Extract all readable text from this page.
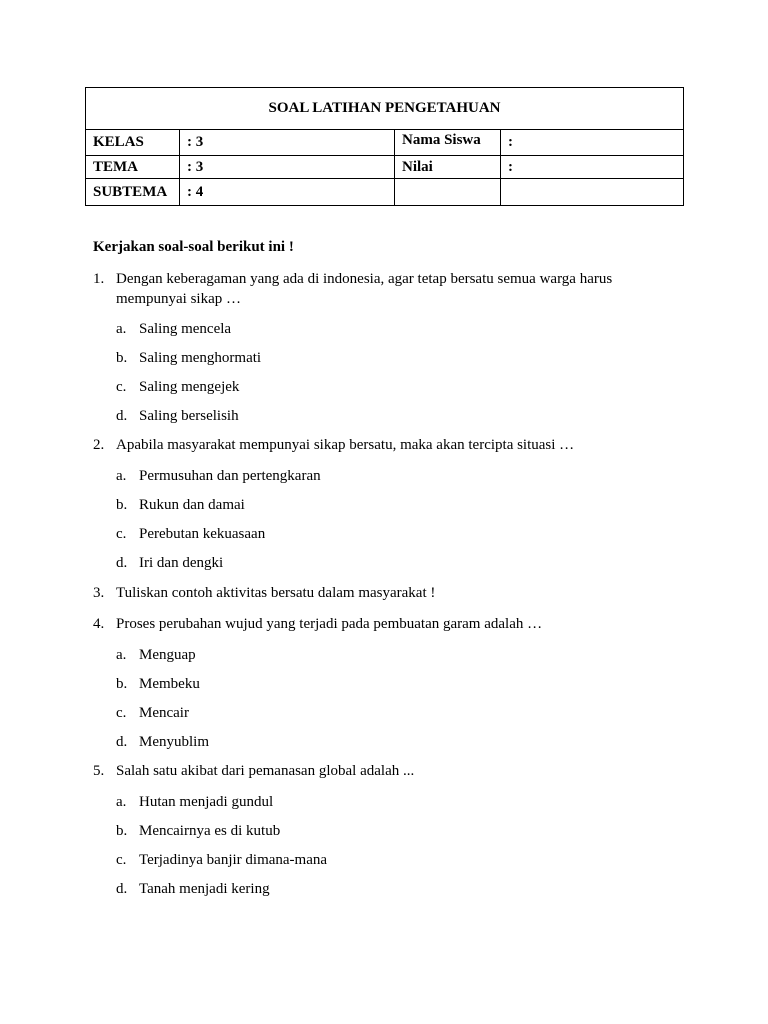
SOAL LATIHAN PENGETAHUAN			
KELAS	: 3	Nama Siswa	:
TEMA	: 3	Nilai	:
SUBTEMA	: 4		

Kerjakan soal-soal berikut ini !

1. Dengan keberagaman yang ada di indonesia, agar tetap bersatu semua warga harus mempunyai sikap …
a. Saling mencela
b. Saling menghormati
c. Saling mengejek
d. Saling berselisih
2. Apabila masyarakat mempunyai sikap bersatu, maka akan tercipta situasi …
a. Permusuhan dan pertengkaran
b. Rukun dan damai
c. Perebutan kekuasaan
d. Iri dan dengki
3. Tuliskan contoh aktivitas bersatu dalam masyarakat !
4. Proses perubahan wujud yang terjadi pada pembuatan garam adalah …
a. Menguap
b. Membeku
c. Mencair
d. Menyublim
5. Salah satu akibat dari pemanasan global adalah ...
a. Hutan menjadi gundul
b. Mencairnya es di kutub
c. Terjadinya banjir dimana-mana
d. Tanah menjadi kering
